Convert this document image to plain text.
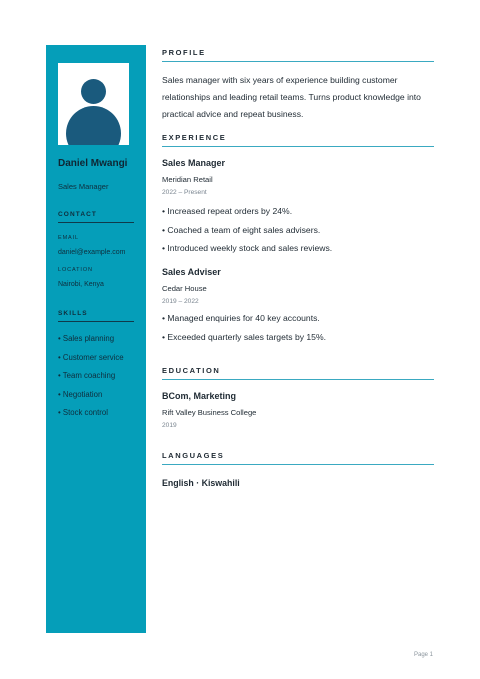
Daniel Mwangi
Sales Manager
CONTACT
EMAIL
daniel@example.com
LOCATION
Nairobi, Kenya
SKILLS
• Sales planning
• Customer service
• Team coaching
• Negotiation
• Stock control
PROFILE
Sales manager with six years of experience building customer relationships and leading retail teams. Turns product knowledge into practical advice and repeat business.
EXPERIENCE
Sales Manager
Meridian Retail
2022 – Present
• Increased repeat orders by 24%.
• Coached a team of eight sales advisers.
• Introduced weekly stock and sales reviews.
Sales Adviser
Cedar House
2019 – 2022
• Managed enquiries for 40 key accounts.
• Exceeded quarterly sales targets by 15%.
EDUCATION
BCom, Marketing
Rift Valley Business College
2019
LANGUAGES
English · Kiswahili
Page 1
